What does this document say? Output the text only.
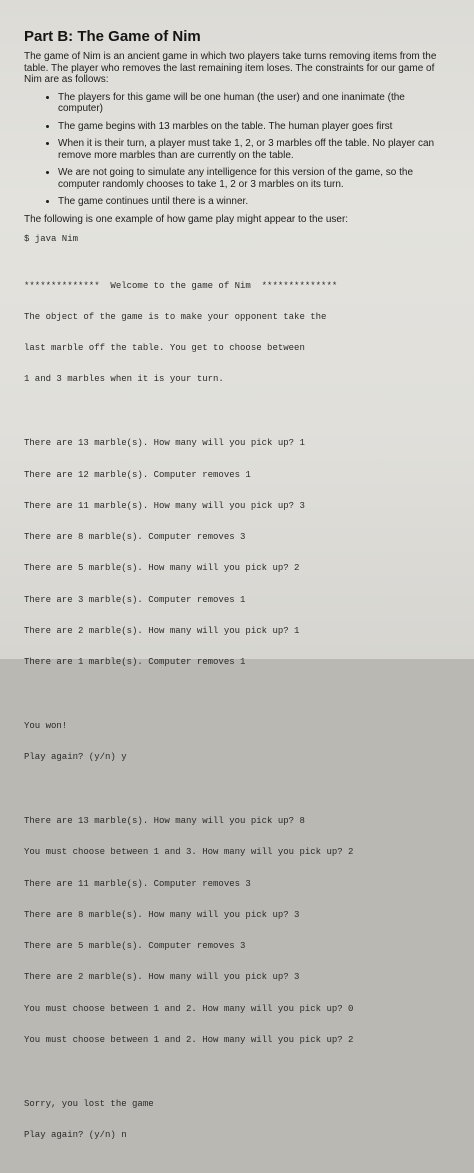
Part B: The Game of Nim

The game of Nim is an ancient game in which two players take turns removing items from the table. The player who removes the last remaining item loses. The constraints for our game of Nim are as follows:

• The players for this game will be one human (the user) and one inanimate (the computer)
• The game begins with 13 marbles on the table. The human player goes first
• When it is their turn, a player must take 1, 2, or 3 marbles off the table. No player can remove more marbles than are currently on the table.
• We are not going to simulate any intelligence for this version of the game, so the computer randomly chooses to take 1, 2 or 3 marbles on its turn.
• The game continues until there is a winner.

The following is one example of how game play might appear to the user:

$ java Nim

**************  Welcome to the game of Nim  **************

The object of the game is to make your opponent take the

last marble off the table. You get to choose between

1 and 3 marbles when it is your turn.

There are 13 marble(s). How many will you pick up? 1

There are 12 marble(s). Computer removes 1

There are 11 marble(s). How many will you pick up? 3

There are 8 marble(s). Computer removes 3

There are 5 marble(s). How many will you pick up? 2

There are 3 marble(s). Computer removes 1

There are 2 marble(s). How many will you pick up? 1

There are 1 marble(s). Computer removes 1

You won!

Play again? (y/n) y

There are 13 marble(s). How many will you pick up? 8

You must choose between 1 and 3. How many will you pick up? 2

There are 11 marble(s). Computer removes 3

There are 8 marble(s). How many will you pick up? 3

There are 5 marble(s). Computer removes 3

There are 2 marble(s). How many will you pick up? 3

You must choose between 1 and 2. How many will you pick up? 0

You must choose between 1 and 2. How many will you pick up? 2

Sorry, you lost the game

Play again? (y/n) n
